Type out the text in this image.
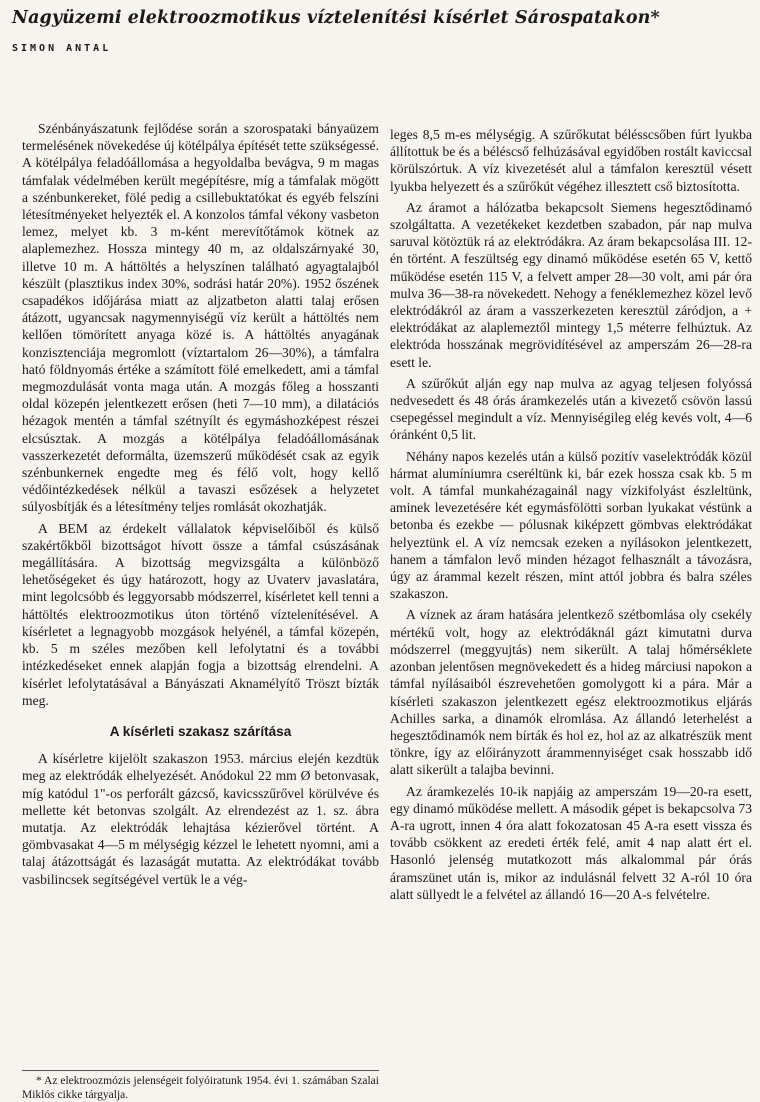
Nagyüzemi elektroozmotikus víztelenítési kísérlet Sárospatakon*
SIMON ANTAL

Szénbányászatunk fejlődése során a szorospataki bányaüzem termelésének növekedése új kötélpálya építését tette szükségessé. A kötélpálya feladóállomása a hegyoldalba bevágva, 9 m magas támfalak védelmében került megépítésre, míg a támfalak mögött a szénbunkereket, fölé pedig a csillebuktatókat és egyéb felszíni létesítményeket helyezték el. A konzolos támfal vékony vasbeton lemez, melyet kb. 3 m-ként merevítőtámok kötnek az alaplemezhez. Hossza mintegy 40 m, az oldalszárnyaké 30, illetve 10 m. A háttöltés a helyszínen található agyagtalajból készült (plasztikus index 30%, sodrási határ 20%). 1952 őszének csapadékos időjárása miatt az aljzatbeton alatti talaj erősen átázott, ugyancsak nagymennyiségű víz került a háttöltés nem kellően tömörített anyaga közé is. A háttöltés anyagának konzisztenciája megromlott (víztartalom 26—30%), a támfalra ható földnyomás értéke a számított fölé emelkedett, ami a támfal megmozdulását vonta maga után. A mozgás főleg a hosszanti oldal közepén jelentkezett erősen (heti 7—10 mm), a dilatációs hézagok mentén a támfal szétnyílt és egymáshozképest részei elcsúsztak. A mozgás a kötélpálya feladóállomásának vasszerkezetét deformálta, üzemszerű működését csak az egyik szénbunkernek engedte meg és félő volt, hogy kellő védőintézkedések nélkül a tavaszi esőzések a helyzetet súlyosbítják és a létesítmény teljes romlását okozhatják.

A BEM az érdekelt vállalatok képviselőiből és külső szakértőkből bizottságot hívott össze a támfal csúszásának megállítására. A bizottság megvizsgálta a különböző lehetőségeket és úgy határozott, hogy az Uvaterv javaslatára, mint legolcsóbb és leggyorsabb módszerrel, kísérletet kell tenni a háttöltés elektroozmotikus úton történő víztelenítésével. A kísérletet a legnagyobb mozgások helyénél, a támfal közepén, kb. 5 m széles mezőben kell lefolytatni és a további intézkedéseket ennek alapján fogja a bizottság elrendelni. A kísérlet lefolytatásával a Bányászati Aknamélyítő Tröszt bízták meg.

A kísérleti szakasz szárítása

A kísérletre kijelölt szakaszon 1953. március elején kezdtük meg az elektródák elhelyezését. Anódokul 22 mm Ø betonvasak, míg katódul 1"-os perforált gázcső, kavicsszűrővel körülvéve és mellette két betonvas szolgált. Az elrendezést az 1. sz. ábra mutatja. Az elektródák lehajtása kézierővel történt. A gömbvasakat 4—5 m mélységig kézzel le lehetett nyomni, ami a talaj átázottságát és lazaságát mutatta. Az elektródákat tovább vasbilincsek segítségével vertük le a vég-

leges 8,5 m-es mélységig. A szűrőkutat bélésscsőben fúrt lyukba állítottuk be és a béléscső felhúzásával egyidőben rostált kaviccsal körülszórtuk. A víz kivezetését alul a támfalon keresztül vésett lyukba helyezett és a szűrőkút végéhez illesztett cső biztosította.

Az áramot a hálózatba bekapcsolt Siemens hegesztődinamó szolgáltatta. A vezetékeket kezdetben szabadon, pár nap mulva saruval kötöztük rá az elektródákra. Az áram bekapcsolása III. 12-én történt. A feszültség egy dinamó működése esetén 65 V, kettő működése esetén 115 V, a felvett amper 28—30 volt, ami pár óra mulva 36—38-ra növekedett. Nehogy a fenéklemezhez közel levő elektródákról az áram a vasszerkezeten keresztül záródjon, a + elektródákat az alaplemeztől mintegy 1,5 méterre felhúztuk. Az elektróda hosszának megrövidítésével az amperszám 26—28-ra esett le.

A szűrőkút alján egy nap mulva az agyag teljesen folyóssá nedvesedett és 48 órás áramkezelés után a kivezető csövön lassú csepegéssel megindult a víz. Mennyiségileg elég kevés volt, 4—6 óránként 0,5 lit.

Néhány napos kezelés után a külső pozitív vaselektródák közül hármat alumíniumra cseréltünk ki, bár ezek hossza csak kb. 5 m volt. A támfal munkahézagainál nagy vízkifolyást észleltünk, aminek levezetésére két egymásfölötti sorban lyukakat véstünk a betonba és ezekbe — pólusnak kiképzett gömbvas elektródákat helyeztünk el. A víz nemcsak ezeken a nyílásokon jelentkezett, hanem a támfalon levő minden hézagot felhasznált a távozásra, úgy az árammal kezelt részen, mint attól jobbra és balra széles szakaszon.

A víznek az áram hatására jelentkező szétbomlása oly csekély mértékű volt, hogy az elektródáknál gázt kimutatni durva módszerrel (meggyujtás) nem sikerült. A talaj hőmérséklete azonban jelentősen megnövekedett és a hideg márciusi napokon a támfal nyílásaiból észrevehetően gomolygott ki a pára. Már a kísérleti szakaszon jelentkezett egész elektroozmotikus eljárás Achilles sarka, a dinamók elromlása. Az állandó leterhelést a hegesztődinamók nem bírták és hol ez, hol az az alkatrészük ment tönkre, így az előirányzott árammennyiséget csak hosszabb idő alatt sikerült a talajba bevinni.

Az áramkezelés 10-ik napjáig az amperszám 19—20-ra esett, egy dinamó működése mellett. A második gépet is bekapcsolva 73 A-ra ugrott, innen 4 óra alatt fokozatosan 45 A-ra esett vissza és tovább csökkent az eredeti érték felé, amit 4 nap alatt ért el. Hasonló jelenség mutatkozott más alkalommal pár órás áramszünet után is, mikor az indulásnál felvett 32 A-ról 10 óra alatt süllyedt le a felvétel az állandó 16—20 A-s felvételre.

* Az elektroozmózis jelenségeit folyóiratunk 1954. évi 1. számában Szalai Miklós cikke tárgyalja.
